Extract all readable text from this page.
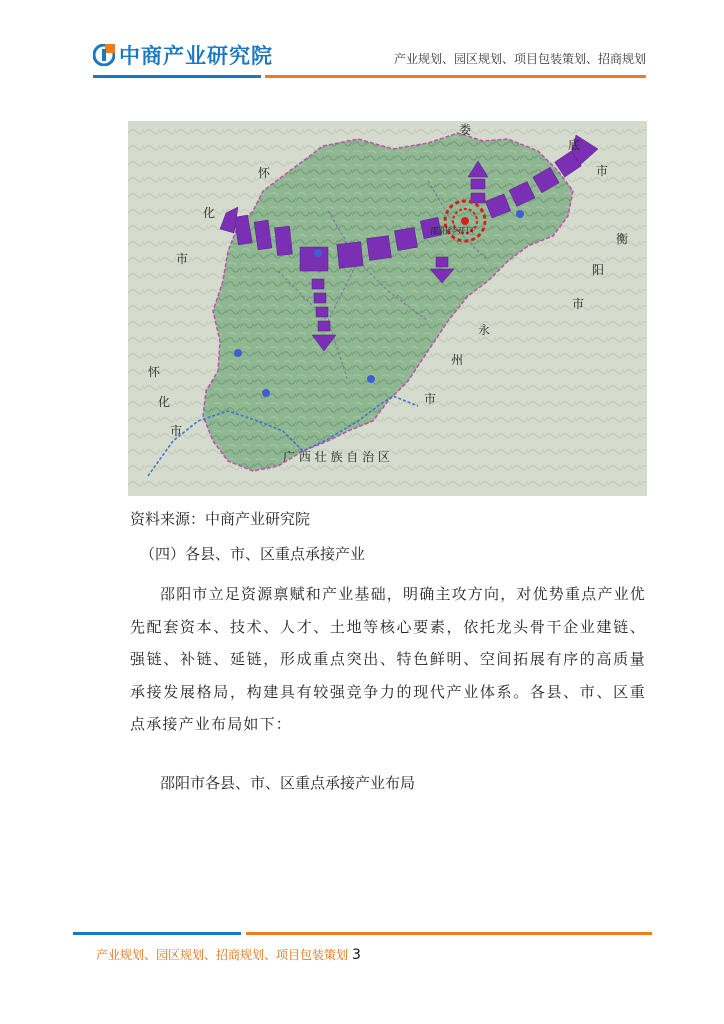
中商产业研究院	产业规划、园区规划、项目包装策划、招商规划
邵阳经开区
娄
底
市
衡
阳
市
怀
化
市
永
州
市
怀
化
市
广 西 壮 族 自 治 区
资料来源：中商产业研究院
（四）各县、市、区重点承接产业
邵阳市立足资源禀赋和产业基础，明确主攻方向，对优势重点产业优先配套资本、技术、人才、土地等核心要素，依托龙头骨干企业建链、强链、补链、延链，形成重点突出、特色鲜明、空间拓展有序的高质量承接发展格局，构建具有较强竞争力的现代产业体系。各县、市、区重点承接产业布局如下：
邵阳市各县、市、区重点承接产业布局
产业规划、园区规划、招商规划、项目包装策划 3
